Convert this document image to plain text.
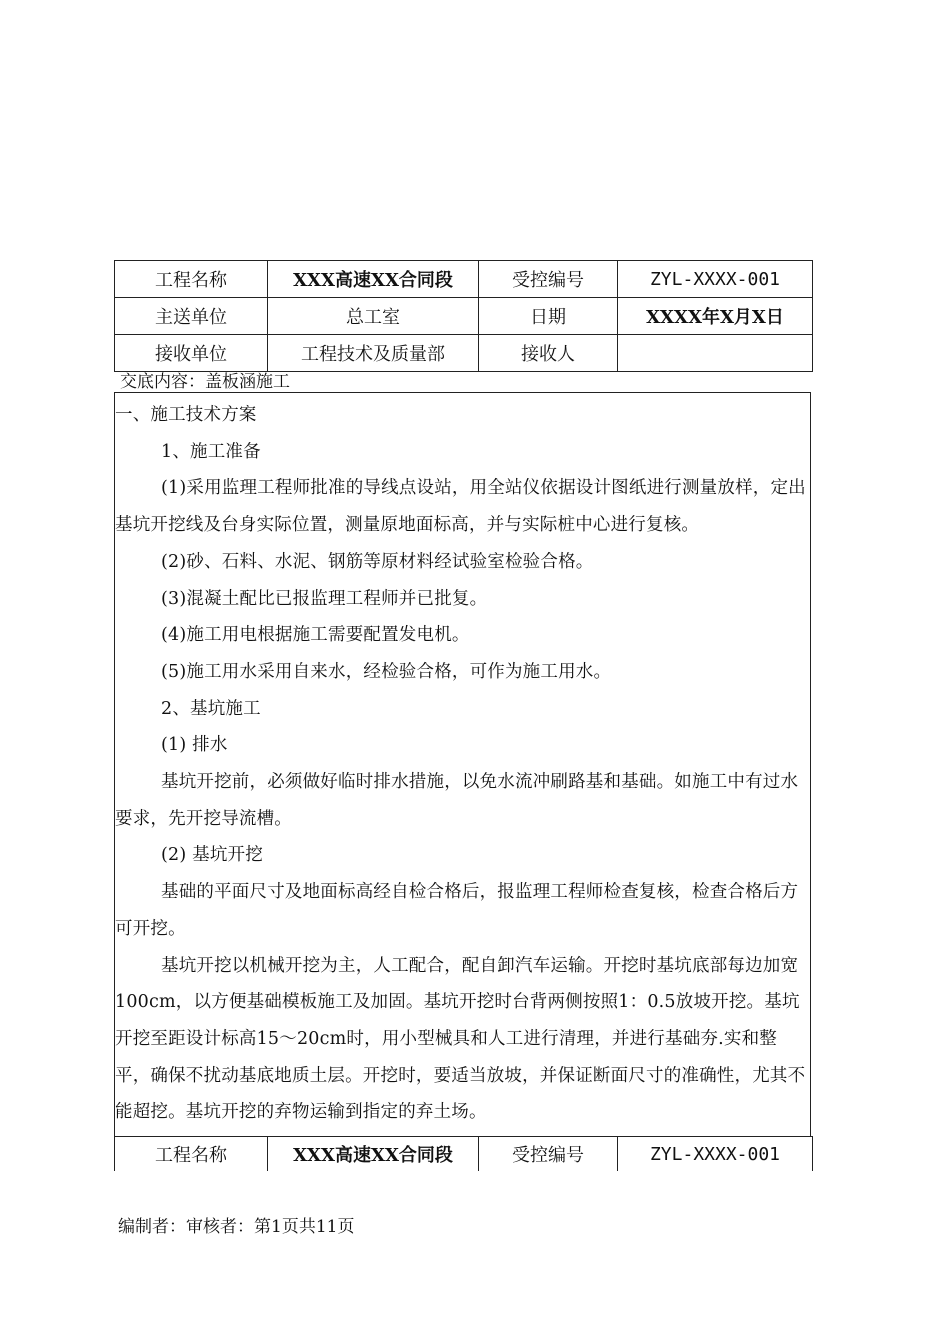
工程名称	XXX高速XX合同段	受控编号	ZYL-XXXX-001
主送单位	总工室	日期	XXXX年X月X日
接收单位	工程技术及质量部	接收人	
交底内容：盖板涵施工

一、施工技术方案

1、施工准备

(1)采用监理工程师批准的导线点设站，用全站仪依据设计图纸进行测量放样，定出基坑开挖线及台身实际位置，测量原地面标高，并与实际桩中心进行复核。

(2)砂、石料、水泥、钢筋等原材料经试验室检验合格。

(3)混凝土配比已报监理工程师并已批复。

(4)施工用电根据施工需要配置发电机。

(5)施工用水采用自来水，经检验合格，可作为施工用水。

2、基坑施工

(1) 排水

基坑开挖前，必须做好临时排水措施，以免水流冲刷路基和基础。如施工中有过水要求，先开挖导流槽。

(2) 基坑开挖

基础的平面尺寸及地面标高经自检合格后，报监理工程师检查复核，检查合格后方可开挖。

基坑开挖以机械开挖为主，人工配合，配自卸汽车运输。开挖时基坑底部每边加宽100cm，以方便基础模板施工及加固。基坑开挖时台背两侧按照1：0.5放坡开挖。基坑开挖至距设计标高15～20cm时，用小型械具和人工进行清理，并进行基础夯.实和整平，确保不扰动基底地质土层。开挖时，要适当放坡，并保证断面尺寸的准确性，尤其不能超挖。基坑开挖的弃物运输到指定的弃土场。

工程名称	XXX高速XX合同段	受控编号	ZYL-XXXX-001
编制者：审核者：第1页共11页
